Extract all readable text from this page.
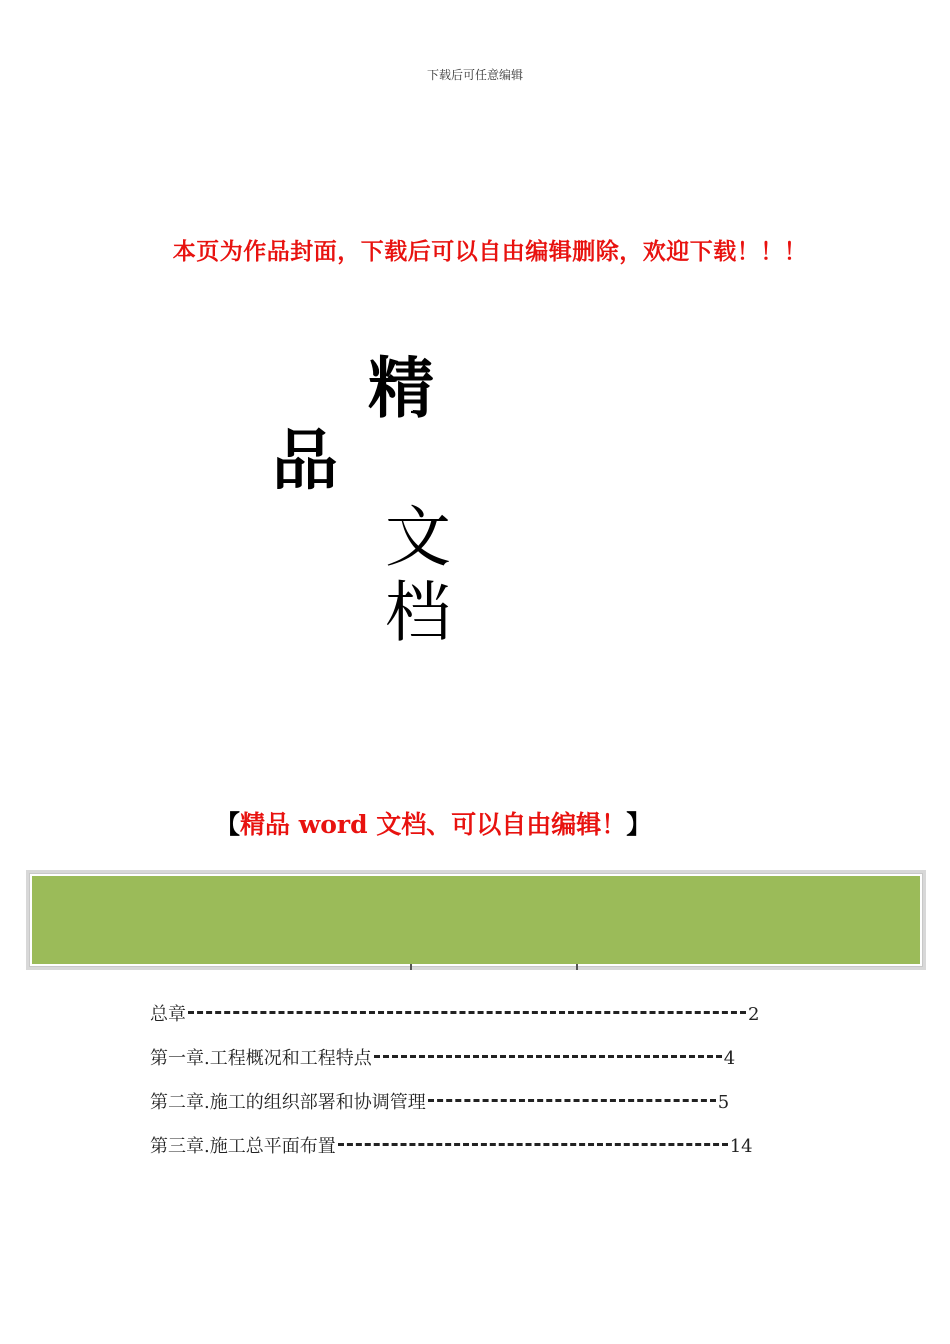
下载后可任意编辑
本页为作品封面，下载后可以自由编辑删除，欢迎下载！！！
精
品
文
档
【精品 word 文档、可以自由编辑！】
总章	2
第一章.工程概况和工程特点	4
第二章.施工的组织部署和协调管理	5
第三章.施工总平面布置	14
